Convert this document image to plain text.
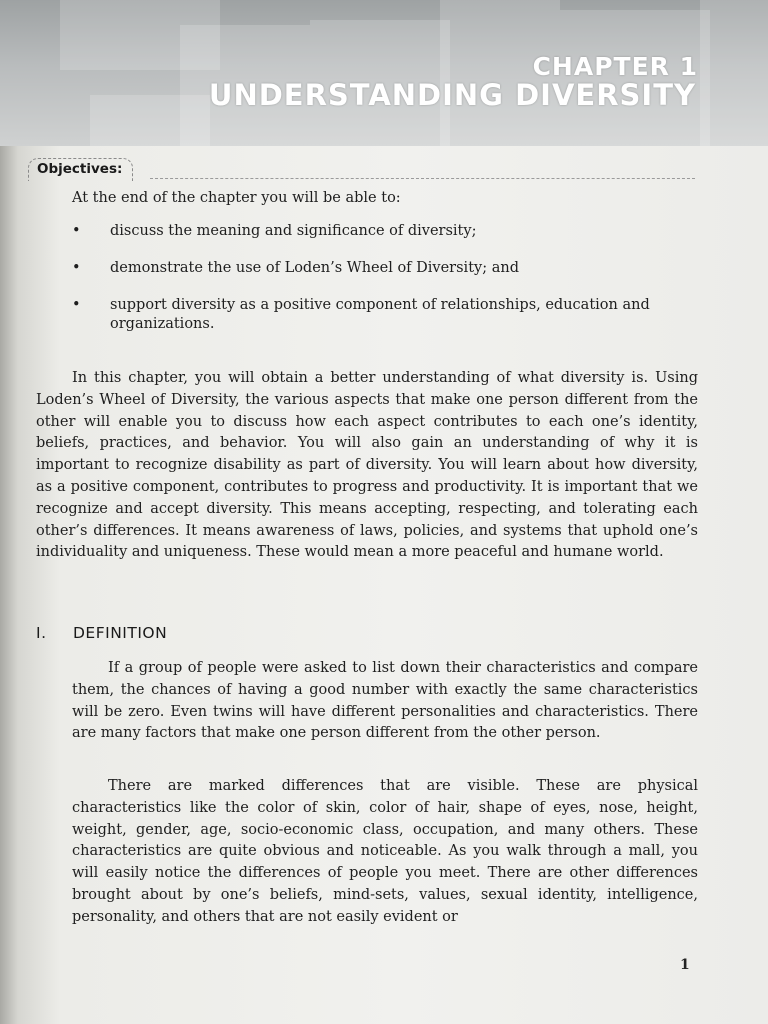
CHAPTER 1
UNDERSTANDING DIVERSITY
Objectives:
At the end of the chapter you will be able to:
• discuss the meaning and significance of diversity;
• demonstrate the use of Loden’s Wheel of Diversity; and
• support diversity as a positive component of relationships, education and organizations.

In this chapter, you will obtain a better understanding of what diversity is. Using Loden’s Wheel of Diversity, the various aspects that make one person different from the other will enable you to discuss how each aspect contributes to each one’s identity, beliefs, practices, and behavior. You will also gain an understanding of why it is important to recognize disability as part of diversity. You will learn about how diversity, as a positive component, contributes to progress and productivity. It is important that we recognize and accept diversity. This means accepting, respecting, and tolerating each other’s differences. It means awareness of laws, policies, and systems that uphold one’s individuality and uniqueness. These would mean a more peaceful and humane world.

I. DEFINITION

If a group of people were asked to list down their characteristics and compare them, the chances of having a good number with exactly the same characteristics will be zero. Even twins will have different personalities and characteristics. There are many factors that make one person different from the other person.

There are marked differences that are visible. These are physical characteristics like the color of skin, color of hair, shape of eyes, nose, height, weight, gender, age, socio-economic class, occupation, and many others. These characteristics are quite obvious and noticeable. As you walk through a mall, you will easily notice the differences of people you meet. There are other differences brought about by one’s beliefs, mind-sets, values, sexual identity, intelligence, personality, and others that are not easily evident or

1
